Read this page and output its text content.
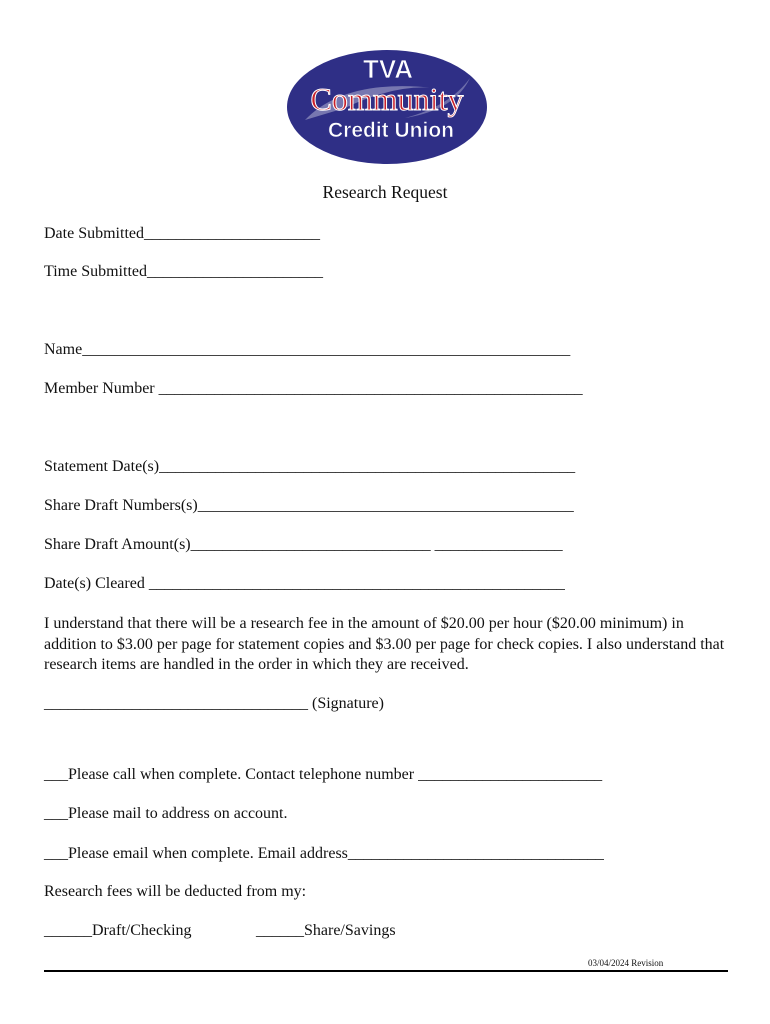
TVA
Community
Credit Union
Research Request
Date Submitted______________________
Time Submitted______________________
Name_____________________________________________________________
Member Number _____________________________________________________
Statement Date(s)____________________________________________________
Share Draft Numbers(s)_______________________________________________
Share Draft Amount(s)______________________________ ________________
Date(s) Cleared ____________________________________________________
I understand that there will be a research fee in the amount of $20.00 per hour ($20.00 minimum) in addition to $3.00 per page for statement copies and $3.00 per page for check copies. I also understand that research items are handled in the order in which they are received.
_________________________________ (Signature)
___Please call when complete. Contact telephone number _______________________
___Please mail to address on account.
___Please email when complete. Email address________________________________
Research fees will be deducted from my:
______Draft/Checking	______Share/Savings
03/04/2024 Revision
